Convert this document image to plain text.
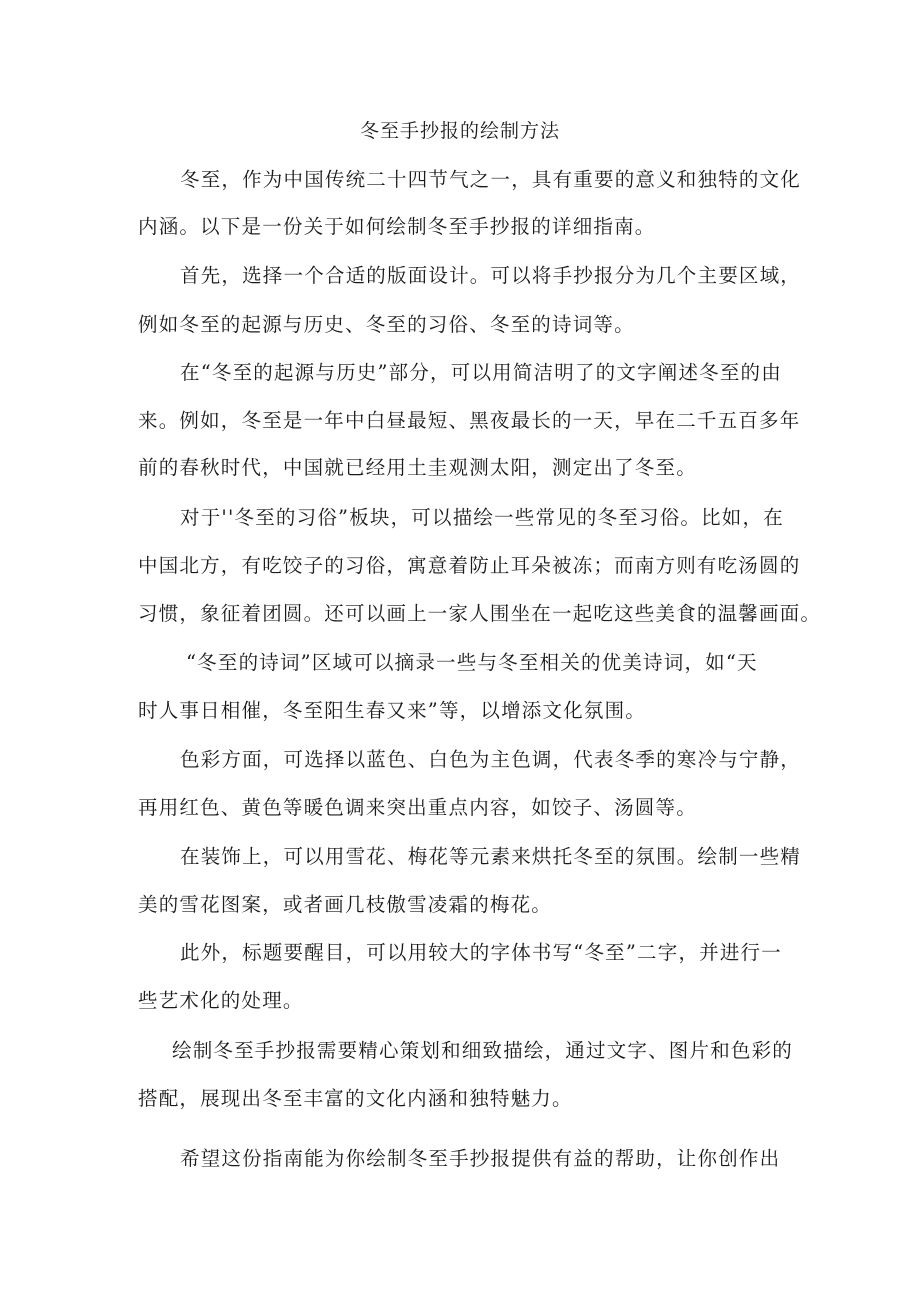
冬至手抄报的绘制方法
冬至，作为中国传统二十四节气之一，具有重要的意义和独特的文化
内涵。以下是一份关于如何绘制冬至手抄报的详细指南。
首先，选择一个合适的版面设计。可以将手抄报分为几个主要区域，
例如冬至的起源与历史、冬至的习俗、冬至的诗词等。
在“冬至的起源与历史”部分，可以用简洁明了的文字阐述冬至的由
来。例如，冬至是一年中白昼最短、黑夜最长的一天，早在二千五百多年
前的春秋时代，中国就已经用土圭观测太阳，测定出了冬至。
对于''冬至的习俗”板块，可以描绘一些常见的冬至习俗。比如，在
中国北方，有吃饺子的习俗，寓意着防止耳朵被冻；而南方则有吃汤圆的
习惯，象征着团圆。还可以画上一家人围坐在一起吃这些美食的温馨画面。
“冬至的诗词”区域可以摘录一些与冬至相关的优美诗词，如“天
时人事日相催，冬至阳生春又来”等，以增添文化氛围。
色彩方面，可选择以蓝色、白色为主色调，代表冬季的寒冷与宁静，
再用红色、黄色等暖色调来突出重点内容，如饺子、汤圆等。
在装饰上，可以用雪花、梅花等元素来烘托冬至的氛围。绘制一些精
美的雪花图案，或者画几枝傲雪凌霜的梅花。
此外，标题要醒目，可以用较大的字体书写“冬至”二字，并进行一
些艺术化的处理。
绘制冬至手抄报需要精心策划和细致描绘，通过文字、图片和色彩的
搭配，展现出冬至丰富的文化内涵和独特魅力。
希望这份指南能为你绘制冬至手抄报提供有益的帮助，让你创作出
